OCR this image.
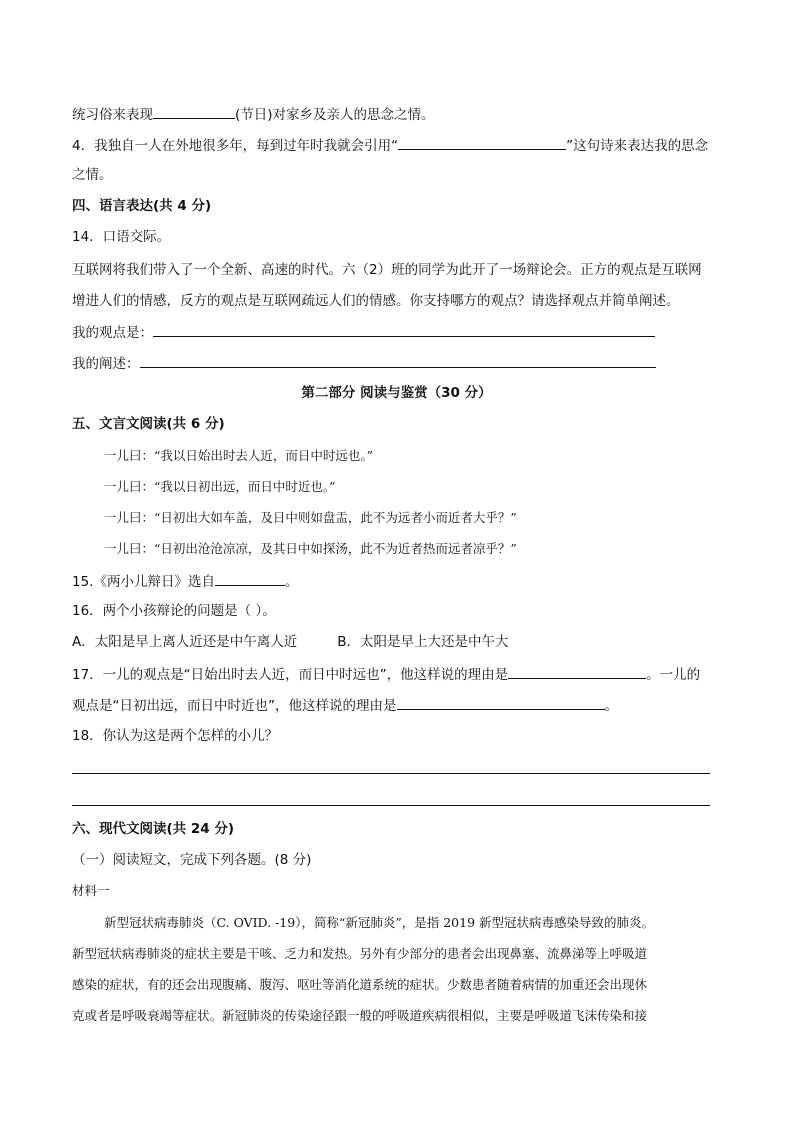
统习俗来表现	(节日)对家乡及亲人的思念之情。
4．我独自一人在外地很多年，每到过年时我就会引用“	”这句诗来表达我的思念
之情。
四、语言表达(共 4 分)
14．口语交际。
互联网将我们带入了一个全新、高速的时代。六（2）班的同学为此开了一场辩论会。正方的观点是互联网
增进人们的情感，反方的观点是互联网疏远人们的情感。你支持哪方的观点？请选择观点并简单阐述。
我的观点是：
我的阐述：
第二部分 阅读与鉴赏（30 分）
五、文言文阅读(共 6 分)
一儿曰：“我以日始出时去人近，而日中时远也。”
一儿曰：“我以日初出远，而日中时近也。”
一儿曰：“日初出大如车盖，及日中则如盘盂，此不为远者小而近者大乎？”
一儿曰：“日初出沧沧凉凉，及其日中如探汤，此不为近者热而远者凉乎？”
15.《两小儿辩日》选自	。
16．两个小孩辩论的问题是（ ）。
A．太阳是早上离人近还是中午离人近	B．太阳是早上大还是中午大
17．一儿的观点是“日始出时去人近，而日中时远也”，他这样说的理由是	。一儿的
观点是“日初出远，而日中时近也”，他这样说的理由是	。
18．你认为这是两个怎样的小儿？
六、现代文阅读(共 24 分)
（一）阅读短文，完成下列各题。(8 分)
材料一
新型冠状病毒肺炎（C. OVID. -19），简称“新冠肺炎”，是指 2019 新型冠状病毒感染导致的肺炎。
新型冠状病毒肺炎的症状主要是干咳、乏力和发热。另外有少部分的患者会出现鼻塞、流鼻涕等上呼吸道
感染的症状，有的还会出现腹痛、腹泻、呕吐等消化道系统的症状。少数患者随着病情的加重还会出现休
克或者是呼吸衰竭等症状。新冠肺炎的传染途径跟一般的呼吸道疾病很相似，主要是呼吸道飞沫传染和接
